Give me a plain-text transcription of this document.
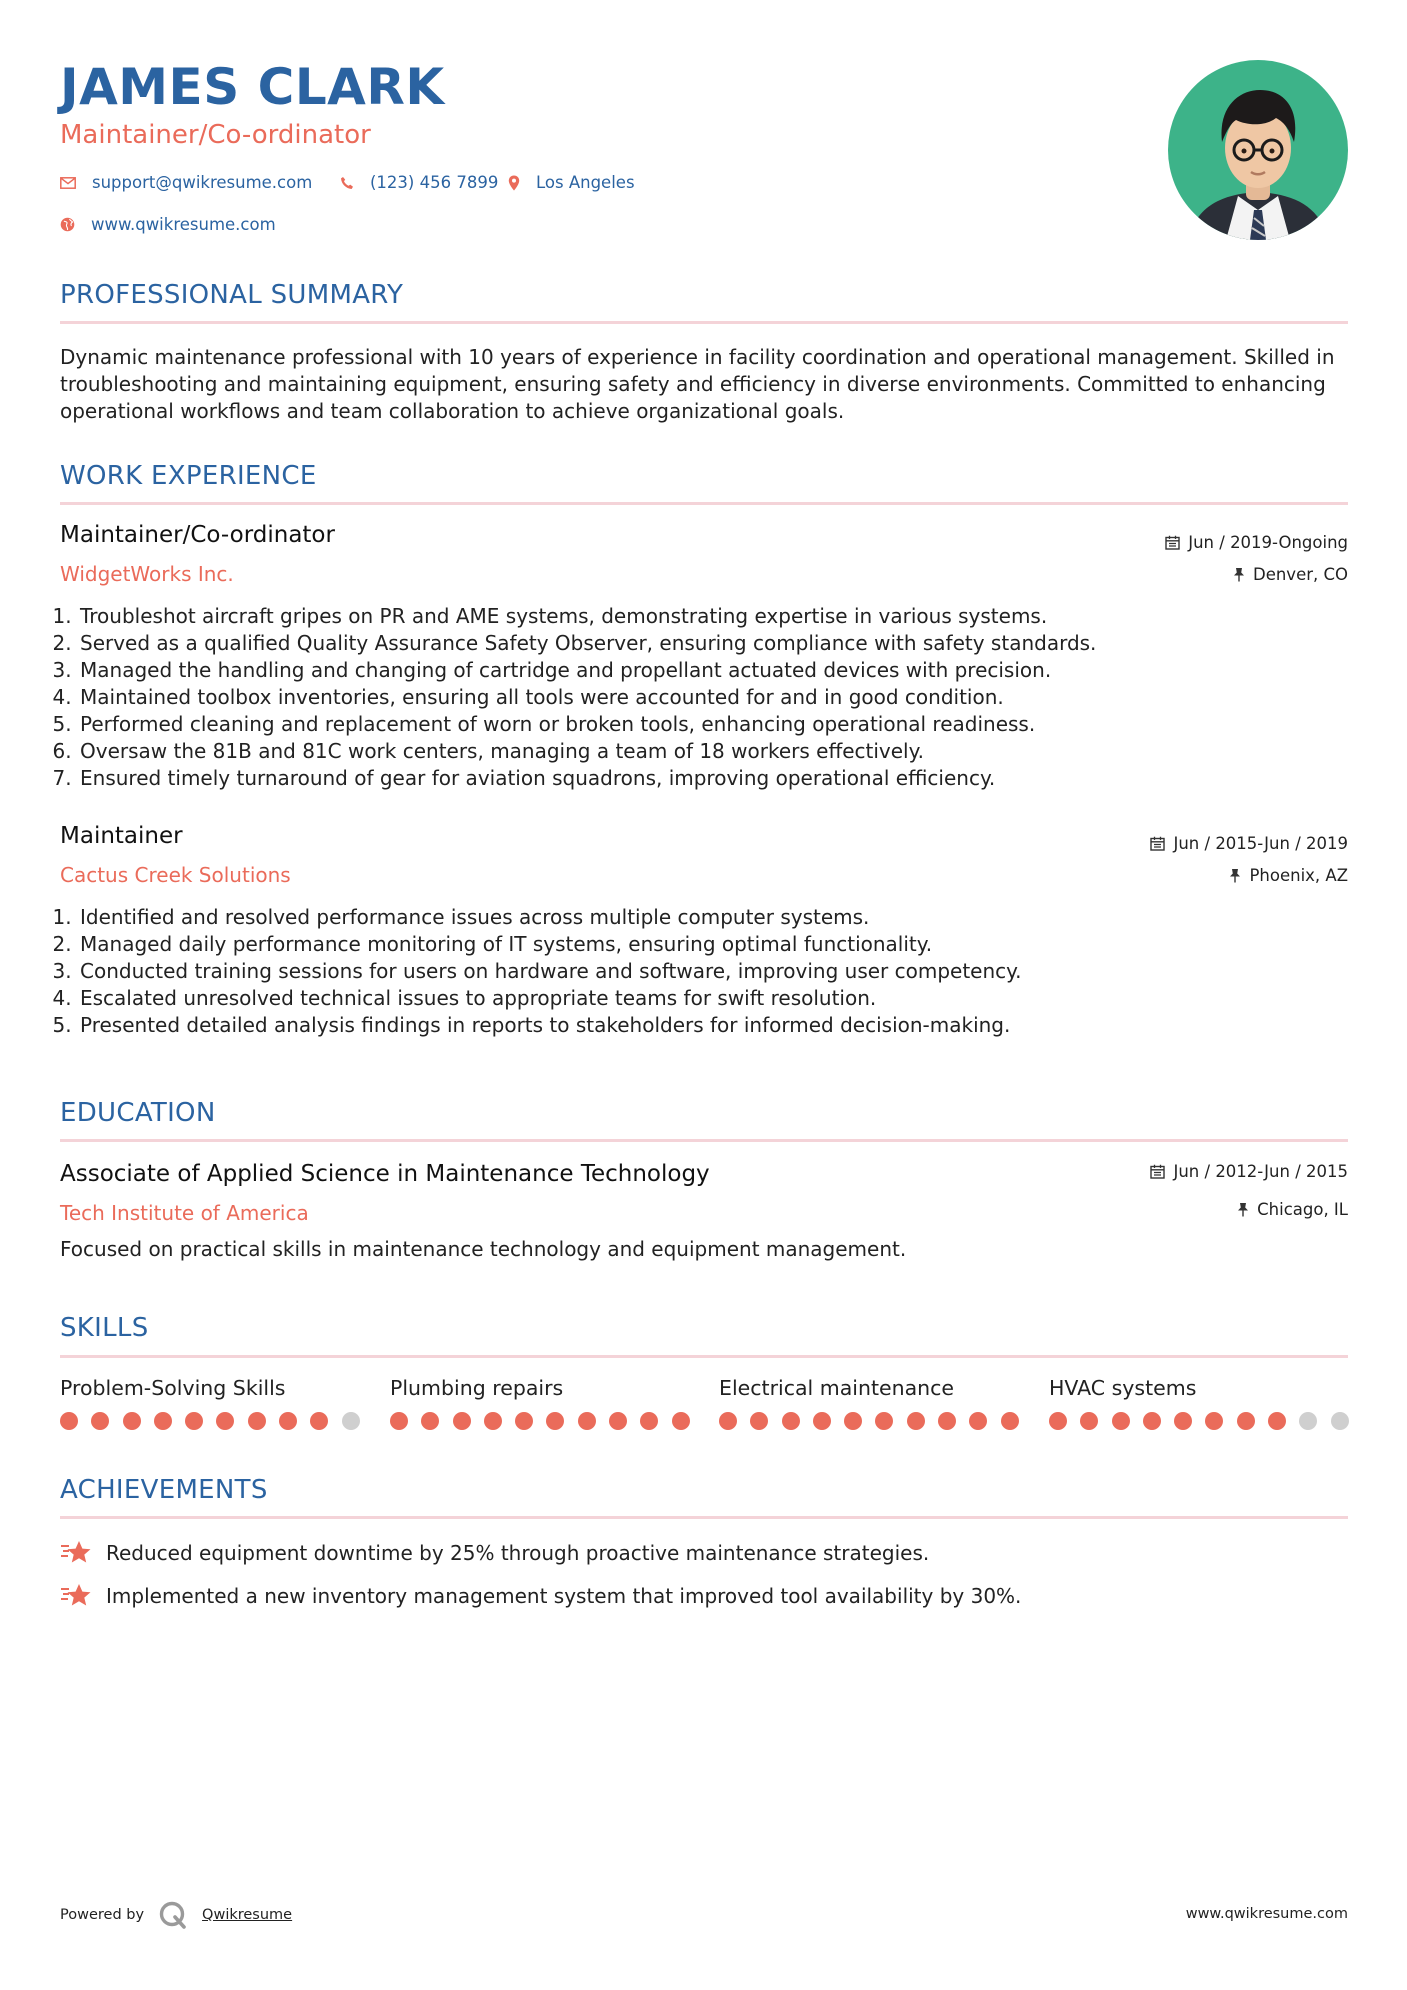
JAMES CLARK
Maintainer/Co-ordinator
support@qwikresume.com	(123) 456 7899 Los Angeles
www.qwikresume.com
PROFESSIONAL SUMMARY
Dynamic maintenance professional with 10 years of experience in facility coordination and operational management. Skilled in troubleshooting and maintaining equipment, ensuring safety and efficiency in diverse environments. Committed to enhancing operational workflows and team collaboration to achieve organizational goals.
WORK EXPERIENCE
Maintainer/Co-ordinator
WidgetWorks Inc.
Jun / 2019-Ongoing
Denver, CO
1. Troubleshot aircraft gripes on PR and AME systems, demonstrating expertise in various systems.
2. Served as a qualified Quality Assurance Safety Observer, ensuring compliance with safety standards.
3. Managed the handling and changing of cartridge and propellant actuated devices with precision.
4. Maintained toolbox inventories, ensuring all tools were accounted for and in good condition.
5. Performed cleaning and replacement of worn or broken tools, enhancing operational readiness.
6. Oversaw the 81B and 81C work centers, managing a team of 18 workers effectively.
7. Ensured timely turnaround of gear for aviation squadrons, improving operational efficiency.
Maintainer
Cactus Creek Solutions
Jun / 2015-Jun / 2019
Phoenix, AZ
1. Identified and resolved performance issues across multiple computer systems.
2. Managed daily performance monitoring of IT systems, ensuring optimal functionality.
3. Conducted training sessions for users on hardware and software, improving user competency.
4. Escalated unresolved technical issues to appropriate teams for swift resolution.
5. Presented detailed analysis findings in reports to stakeholders for informed decision-making.
EDUCATION
Associate of Applied Science in Maintenance Technology
Tech Institute of America
Jun / 2012-Jun / 2015
Chicago, IL
Focused on practical skills in maintenance technology and equipment management.
SKILLS
Problem-Solving Skills	Plumbing repairs	Electrical maintenance	HVAC systems
ACHIEVEMENTS
Reduced equipment downtime by 25% through proactive maintenance strategies.
Implemented a new inventory management system that improved tool availability by 30%.
Powered by	Qwikresume	www.qwikresume.com
